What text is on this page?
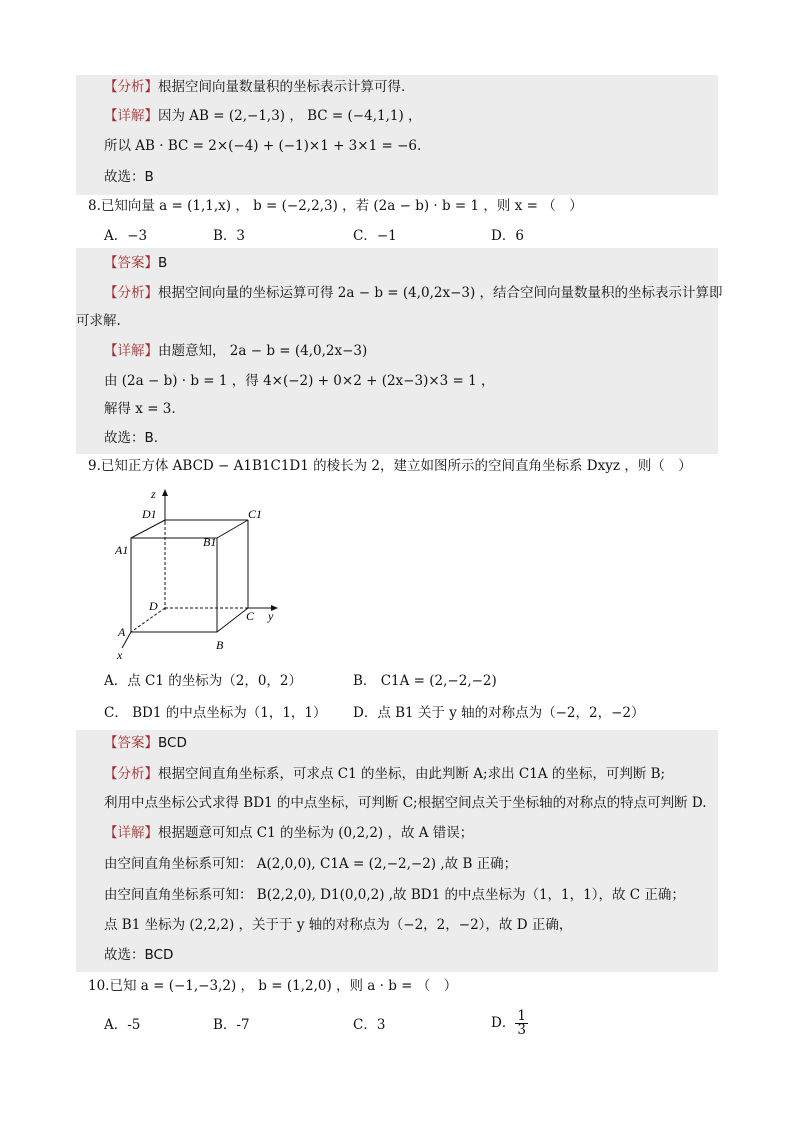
【分析】根据空间向量数量积的坐标表示计算可得.
【详解】因为 AB = (2,−1,3) ， BC = (−4,1,1) ，
所以 AB · BC = 2×(−4) + (−1)×1 + 3×1 = −6.
故选：B
8.已知向量 a = (1,1,x) ， b = (−2,2,3) ，若 (2a − b) · b = 1 ，则 x = （　）
A．−3	B．3	C．−1	D．6
【答案】B
【分析】根据空间向量的坐标运算可得 2a − b = (4,0,2x−3) ，结合空间向量数量积的坐标表示计算即
可求解.
【详解】由题意知， 2a − b = (4,0,2x−3)
由 (2a − b) · b = 1 ，得 4×(−2) + 0×2 + (2x−3)×3 = 1 ，
解得 x = 3.
故选：B.
9.已知正方体 ABCD − A1B1C1D1 的棱长为 2，建立如图所示的空间直角坐标系 Dxyz ，则（　）
z
y
x
D1	C1
A1
B1
D
C
A
B
A．点 C1 的坐标为（2，0，2）	B． C1A = (2,−2,−2)
C． BD1 的中点坐标为（1，1，1） D．点 B1 关于 y 轴的对称点为（−2，2，−2）
【答案】BCD
【分析】根据空间直角坐标系，可求点 C1 的坐标，由此判断 A;求出 C1A 的坐标，可判断 B;
利用中点坐标公式求得 BD1 的中点坐标，可判断 C;根据空间点关于坐标轴的对称点的特点可判断 D.
【详解】根据题意可知点 C1 的坐标为 (0,2,2) ，故 A 错误；
由空间直角坐标系可知： A(2,0,0), C1A = (2,−2,−2) ,故 B 正确；
由空间直角坐标系可知： B(2,2,0), D1(0,0,2) ,故 BD1 的中点坐标为（1，1，1），故 C 正确；
点 B1 坐标为 (2,2,2) ，关于于 y 轴的对称点为（−2，2，−2），故 D 正确，
故选：BCD
10.已知 a = (−1,−3,2) ， b = (1,2,0) ，则 a · b = （　）
A．-5	B．-7	C．3	D． $\frac{1}{3}$
